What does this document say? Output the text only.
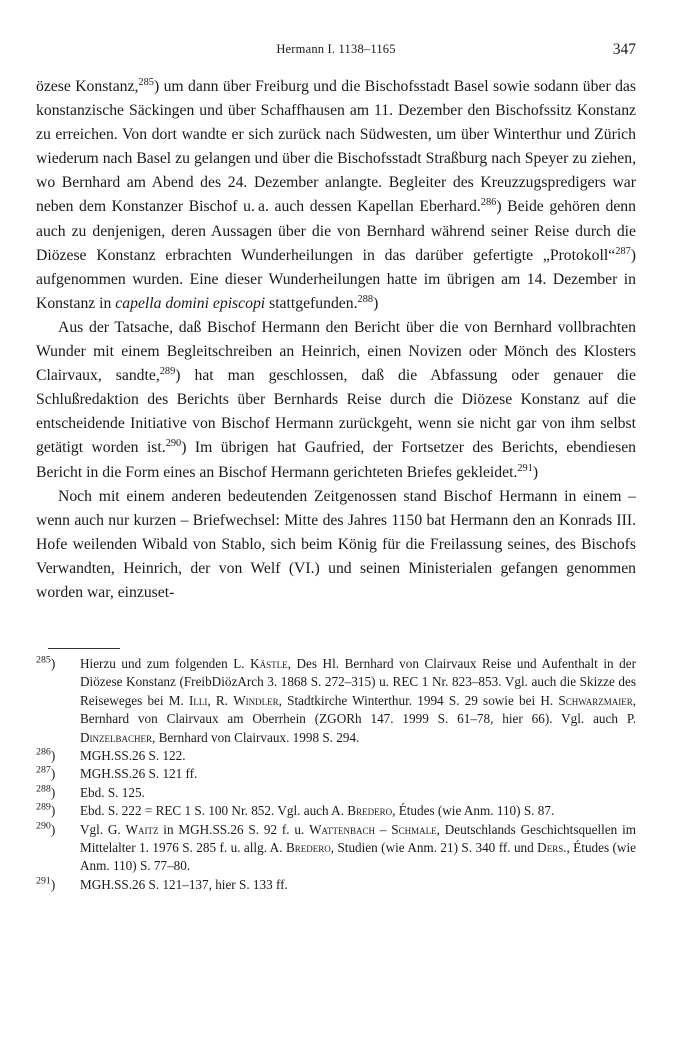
Hermann I. 1138–1165	347

özese Konstanz,$^{285}$) um dann über Freiburg und die Bischofsstadt Basel sowie sodann über das konstanzische Säckingen und über Schaffhausen am 11. Dezember den Bischofssitz Konstanz zu erreichen. Von dort wandte er sich zurück nach Südwesten, um über Winterthur und Zürich wiederum nach Basel zu gelangen und über die Bischofsstadt Straßburg nach Speyer zu ziehen, wo Bernhard am Abend des 24. Dezember anlangte. Begleiter des Kreuzzugspredigers war neben dem Konstanzer Bischof u. a. auch dessen Kapellan Eberhard.$^{286}$) Beide gehören denn auch zu denjenigen, deren Aussagen über die von Bernhard während seiner Reise durch die Diözese Konstanz erbrachten Wunderheilungen in das darüber gefertigte „Protokoll“$^{287}$) aufgenommen wurden. Eine dieser Wunderheilungen hatte im übrigen am 14. Dezember in Konstanz in capella domini episcopi stattgefunden.$^{288}$)

Aus der Tatsache, daß Bischof Hermann den Bericht über die von Bernhard vollbrachten Wunder mit einem Begleitschreiben an Heinrich, einen Novizen oder Mönch des Klosters Clairvaux, sandte,$^{289}$) hat man geschlossen, daß die Abfassung oder genauer die Schlußredaktion des Berichts über Bernhards Reise durch die Diözese Konstanz auf die entscheidende Initiative von Bischof Hermann zurückgeht, wenn sie nicht gar von ihm selbst getätigt worden ist.$^{290}$) Im übrigen hat Gaufried, der Fortsetzer des Berichts, ebendiesen Bericht in die Form eines an Bischof Hermann gerichteten Briefes gekleidet.$^{291}$)

Noch mit einem anderen bedeutenden Zeitgenossen stand Bischof Hermann in einem – wenn auch nur kurzen – Briefwechsel: Mitte des Jahres 1150 bat Hermann den an Konrads III. Hofe weilenden Wibald von Stablo, sich beim König für die Freilassung seines, des Bischofs Verwandten, Heinrich, der von Welf (VI.) und seinen Ministerialen gefangen genommen worden war, einzuset-

$^{285}$)	Hierzu und zum folgenden L. Kästle, Des Hl. Bernhard von Clairvaux Reise und Aufenthalt in der Diözese Konstanz (FreibDiözArch 3. 1868 S. 272–315) u. REC 1 Nr. 823–853. Vgl. auch die Skizze des Reiseweges bei M. Illi, R. Windler, Stadtkirche Winterthur. 1994 S. 29 sowie bei H. Schwarzmaier, Bernhard von Clairvaux am Oberrhein (ZGORh 147. 1999 S. 61–78, hier 66). Vgl. auch P. Dinzelbacher, Bernhard von Clairvaux. 1998 S. 294.
$^{286}$)	MGH.SS.26 S. 122.
$^{287}$)	MGH.SS.26 S. 121 ff.
$^{288}$)	Ebd. S. 125.
$^{289}$)	Ebd. S. 222 = REC 1 S. 100 Nr. 852. Vgl. auch A. Bredero, Études (wie Anm. 110) S. 87.
$^{290}$)	Vgl. G. Waitz in MGH.SS.26 S. 92 f. u. Wattenbach – Schmale, Deutschlands Geschichtsquellen im Mittelalter 1. 1976 S. 285 f. u. allg. A. Bredero, Studien (wie Anm. 21) S. 340 ff. und Ders., Études (wie Anm. 110) S. 77–80.
$^{291}$)	MGH.SS.26 S. 121–137, hier S. 133 ff.
